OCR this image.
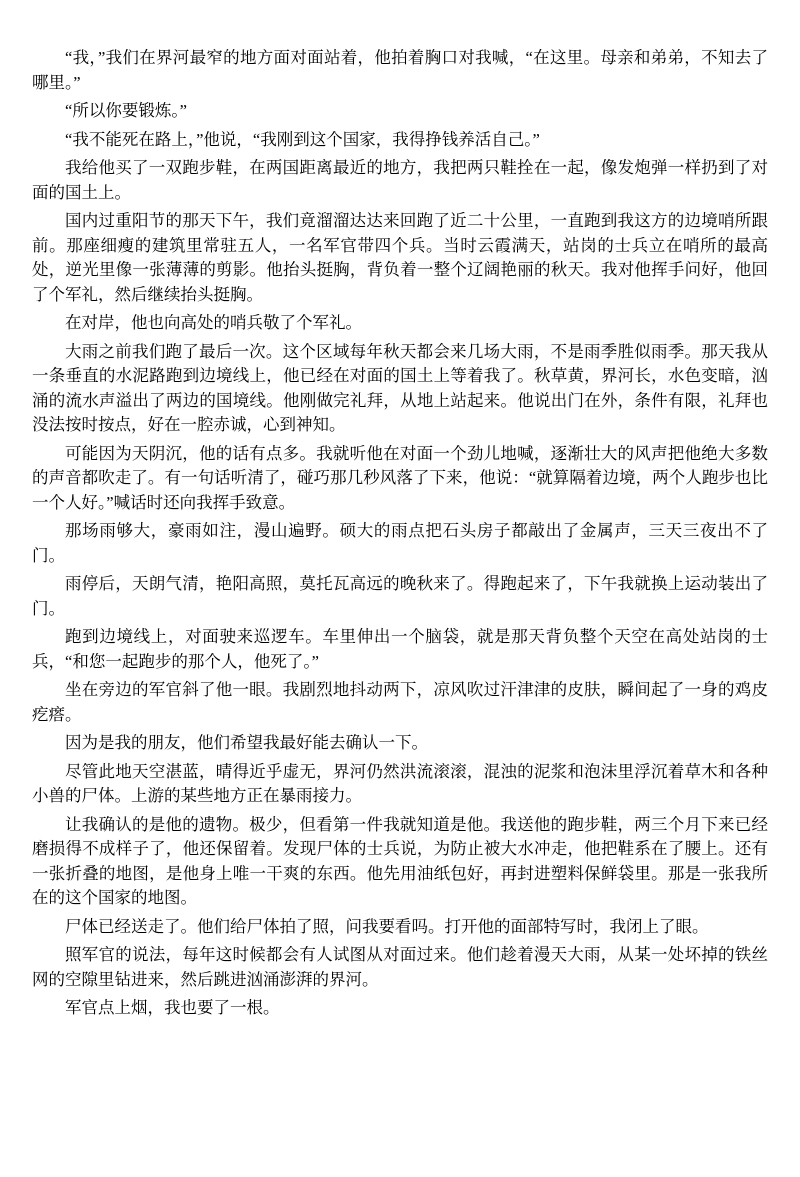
“我，”我们在界河最窄的地方面对面站着，他拍着胸口对我喊，“在这里。母亲和弟弟，不知去了哪里。”

“所以你要锻炼。”

“我不能死在路上，”他说，“我刚到这个国家，我得挣钱养活自己。”

我给他买了一双跑步鞋，在两国距离最近的地方，我把两只鞋拴在一起，像发炮弹一样扔到了对面的国土上。

国内过重阳节的那天下午，我们竟溜溜达达来回跑了近二十公里，一直跑到我这方的边境哨所跟前。那座细瘦的建筑里常驻五人，一名军官带四个兵。当时云霞满天，站岗的士兵立在哨所的最高处，逆光里像一张薄薄的剪影。他抬头挺胸，背负着一整个辽阔艳丽的秋天。我对他挥手问好，他回了个军礼，然后继续抬头挺胸。

在对岸，他也向高处的哨兵敬了个军礼。

大雨之前我们跑了最后一次。这个区域每年秋天都会来几场大雨，不是雨季胜似雨季。那天我从一条垂直的水泥路跑到边境线上，他已经在对面的国土上等着我了。秋草黄，界河长，水色变暗，汹涌的流水声溢出了两边的国境线。他刚做完礼拜，从地上站起来。他说出门在外，条件有限，礼拜也没法按时按点，好在一腔赤诚，心到神知。

可能因为天阴沉，他的话有点多。我就听他在对面一个劲儿地喊，逐渐壮大的风声把他绝大多数的声音都吹走了。有一句话听清了，碰巧那几秒风落了下来，他说：“就算隔着边境，两个人跑步也比一个人好。”喊话时还向我挥手致意。

那场雨够大，豪雨如注，漫山遍野。硕大的雨点把石头房子都敲出了金属声，三天三夜出不了门。

雨停后，天朗气清，艳阳高照，莫托瓦高远的晚秋来了。得跑起来了，下午我就换上运动装出了门。

跑到边境线上，对面驶来巡逻车。车里伸出一个脑袋，就是那天背负整个天空在高处站岗的士兵，“和您一起跑步的那个人，他死了。”

坐在旁边的军官斜了他一眼。我剧烈地抖动两下，凉风吹过汗津津的皮肤，瞬间起了一身的鸡皮疙瘩。

因为是我的朋友，他们希望我最好能去确认一下。

尽管此地天空湛蓝，晴得近乎虚无，界河仍然洪流滚滚，混浊的泥浆和泡沫里浮沉着草木和各种小兽的尸体。上游的某些地方正在暴雨接力。

让我确认的是他的遗物。极少，但看第一件我就知道是他。我送他的跑步鞋，两三个月下来已经磨损得不成样子了，他还保留着。发现尸体的士兵说，为防止被大水冲走，他把鞋系在了腰上。还有一张折叠的地图，是他身上唯一干爽的东西。他先用油纸包好，再封进塑料保鲜袋里。那是一张我所在的这个国家的地图。

尸体已经送走了。他们给尸体拍了照，问我要看吗。打开他的面部特写时，我闭上了眼。

照军官的说法，每年这时候都会有人试图从对面过来。他们趁着漫天大雨，从某一处坏掉的铁丝网的空隙里钻进来，然后跳进汹涌澎湃的界河。

军官点上烟，我也要了一根。
